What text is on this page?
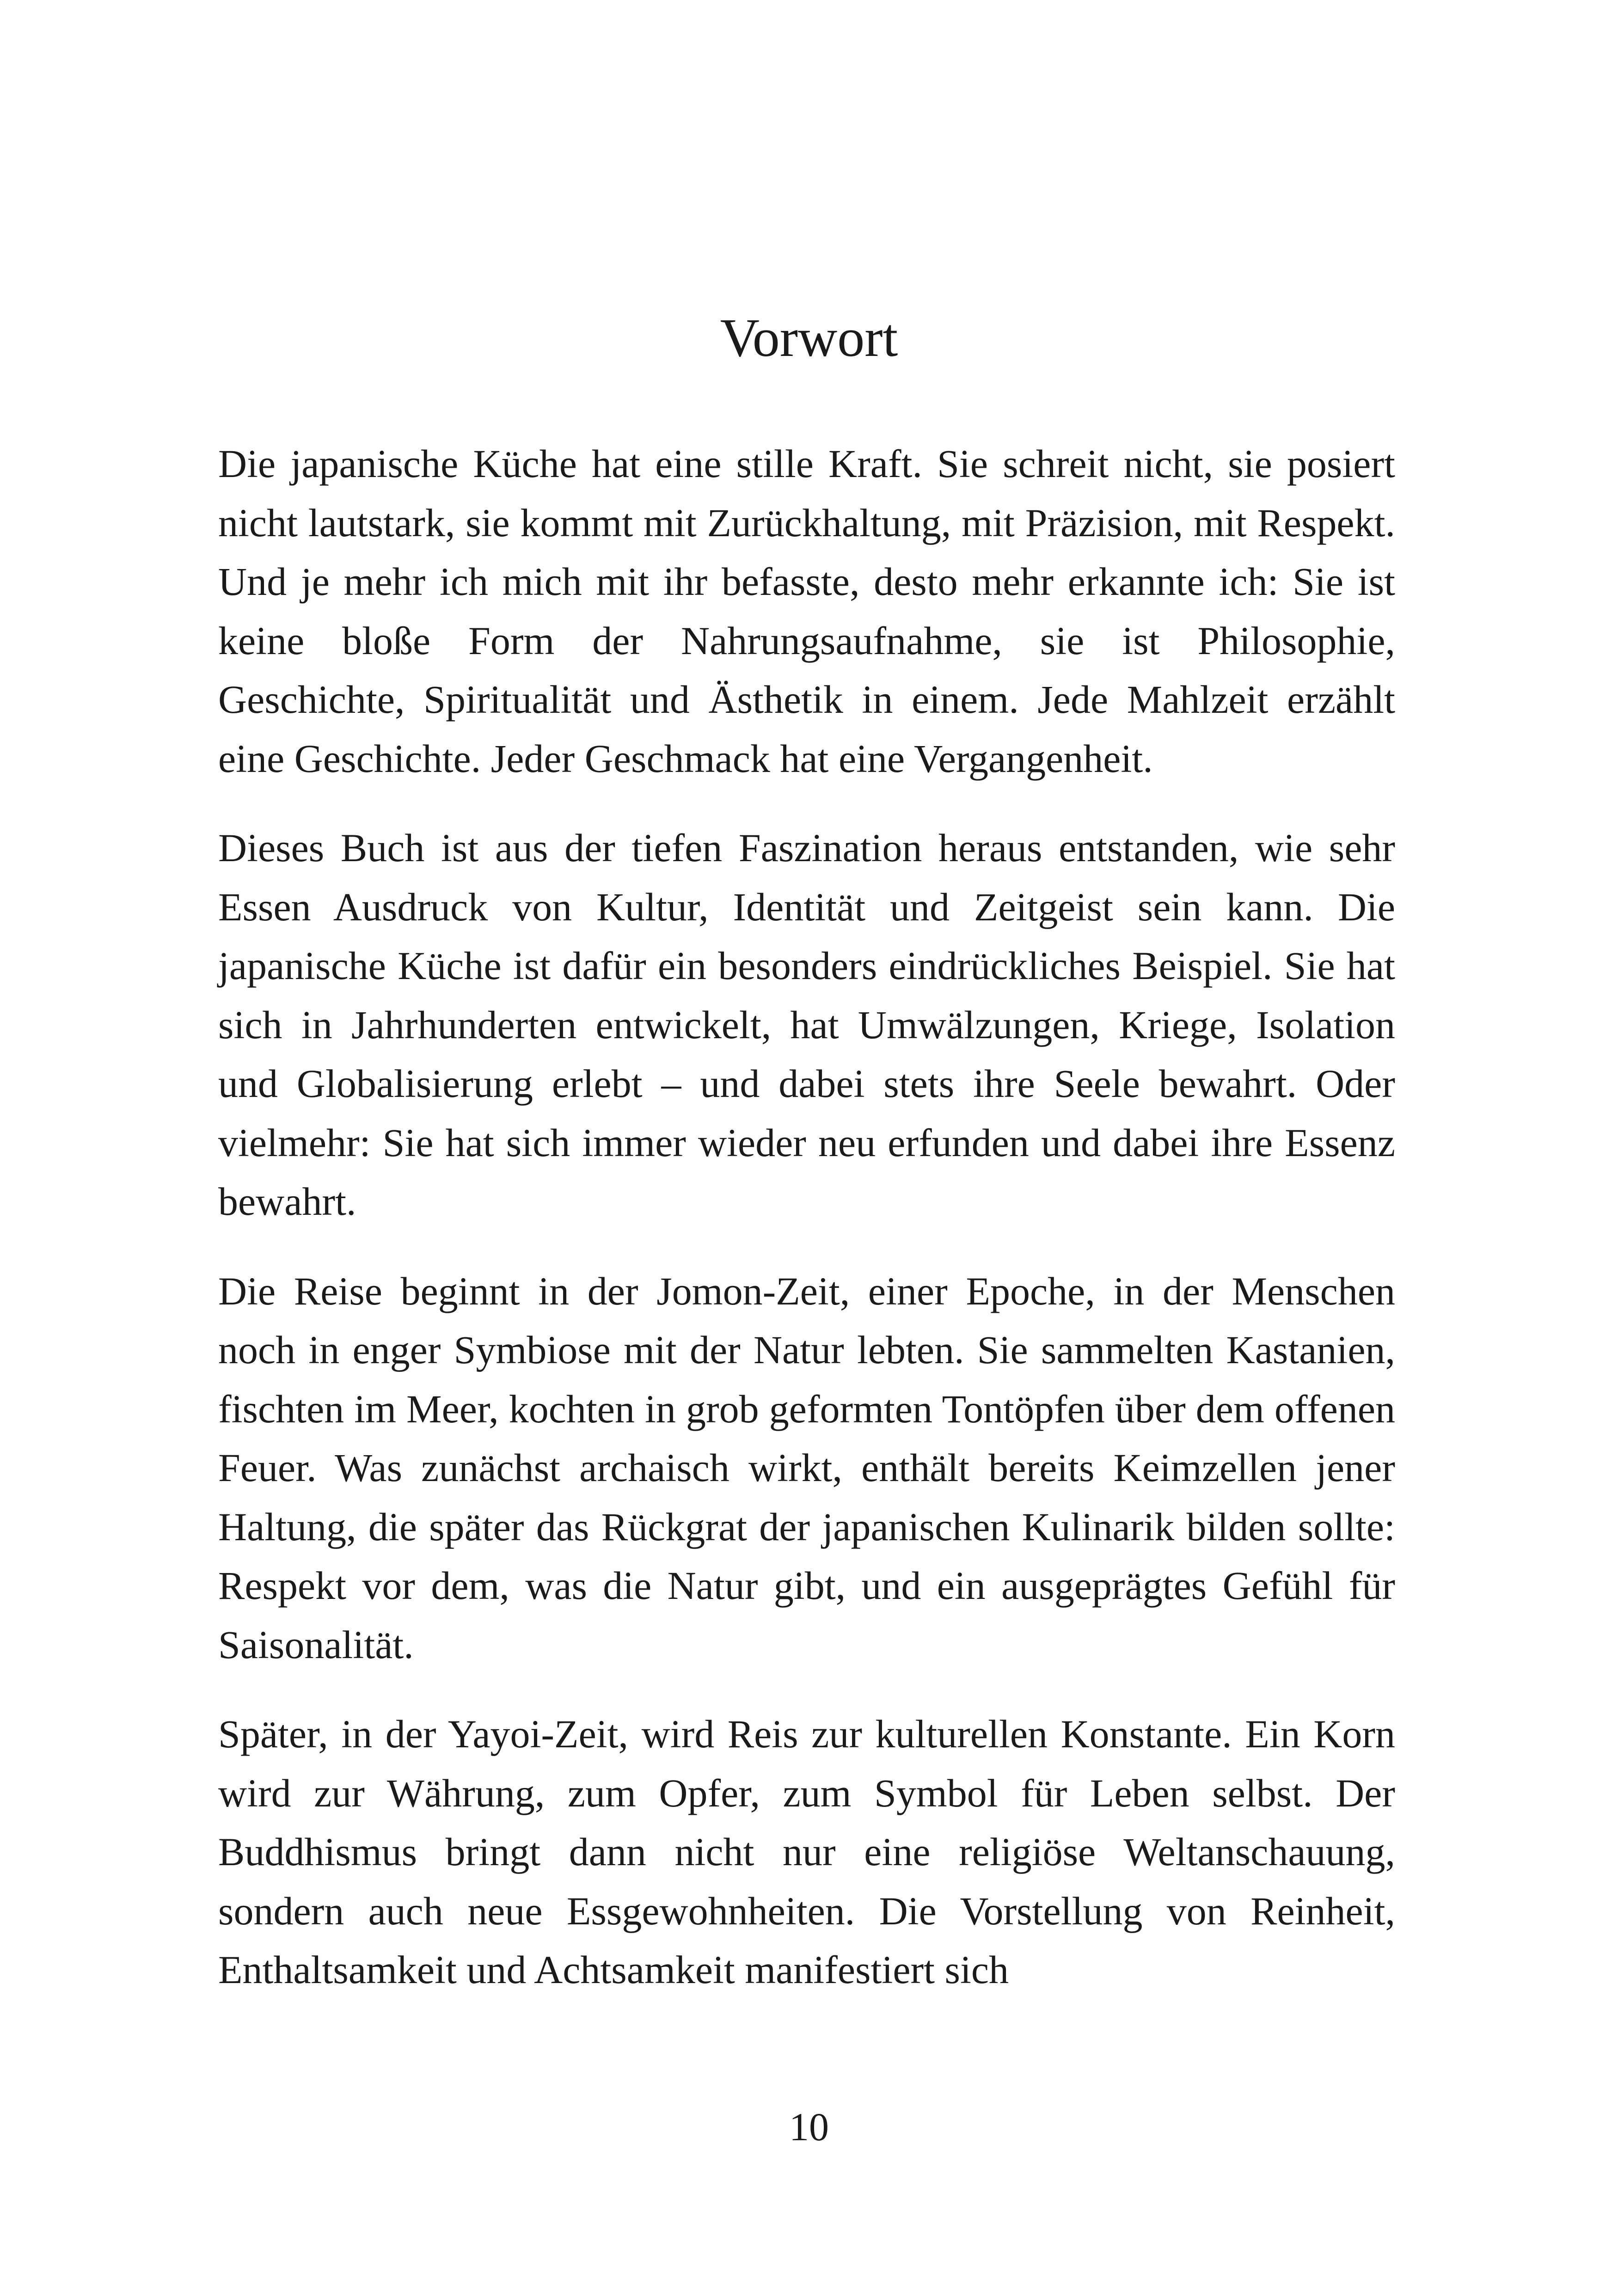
Vorwort

Die japanische Küche hat eine stille Kraft. Sie schreit nicht, sie posiert nicht lautstark, sie kommt mit Zurückhaltung, mit Präzision, mit Respekt. Und je mehr ich mich mit ihr befasste, desto mehr erkannte ich: Sie ist keine bloße Form der Nahrungsaufnahme, sie ist Philosophie, Geschichte, Spiritualität und Ästhetik in einem. Jede Mahlzeit erzählt eine Geschichte. Jeder Geschmack hat eine Vergangenheit.

Dieses Buch ist aus der tiefen Faszination heraus entstanden, wie sehr Essen Ausdruck von Kultur, Identität und Zeitgeist sein kann. Die japanische Küche ist dafür ein besonders eindrückliches Beispiel. Sie hat sich in Jahrhunderten entwickelt, hat Umwälzungen, Kriege, Isolation und Globalisierung erlebt – und dabei stets ihre Seele bewahrt. Oder vielmehr: Sie hat sich immer wieder neu erfunden und dabei ihre Essenz bewahrt.

Die Reise beginnt in der Jomon-Zeit, einer Epoche, in der Menschen noch in enger Symbiose mit der Natur lebten. Sie sammelten Kastanien, fischten im Meer, kochten in grob geformten Tontöpfen über dem offenen Feuer. Was zunächst archaisch wirkt, enthält bereits Keimzellen jener Haltung, die später das Rückgrat der japanischen Kulinarik bilden sollte: Respekt vor dem, was die Natur gibt, und ein ausgeprägtes Gefühl für Saisonalität.

Später, in der Yayoi-Zeit, wird Reis zur kulturellen Konstante. Ein Korn wird zur Währung, zum Opfer, zum Symbol für Leben selbst. Der Buddhismus bringt dann nicht nur eine religiöse Weltanschauung, sondern auch neue Essgewohnheiten. Die Vorstellung von Reinheit, Enthaltsamkeit und Achtsamkeit manifestiert sich

10
